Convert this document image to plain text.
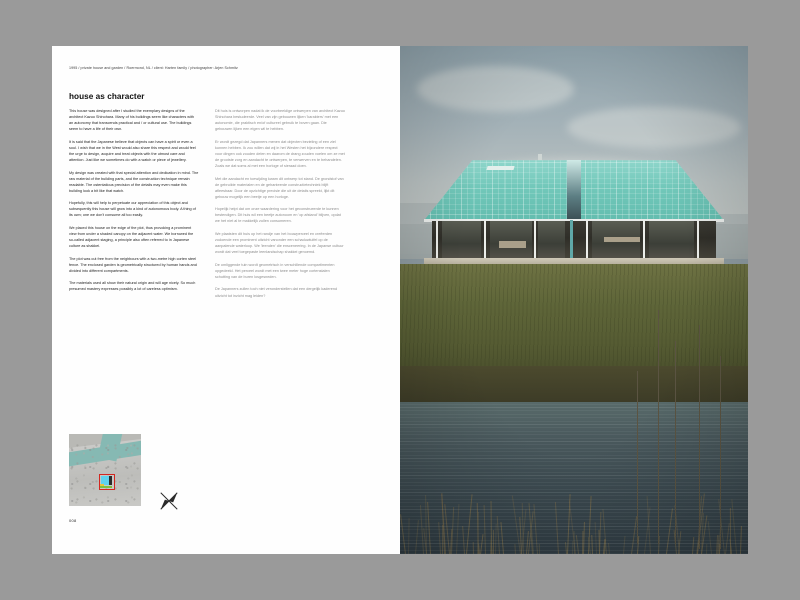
1995 / private house and garden / Roermond, NL / client: Harten family / photographer: Arjen Schmitz
house as character

This house was designed after I studied the exemplary designs of the architect Kazuo Shinohara. Many of his buildings seem like characters with an autonomy that transcends practical and / or cultural use. The buildings seem to have a life of their own.

It is said that the Japanese believe that objects can have a spirit or even a soul. I wish that we in the West would also share this respect and would feel the urge to design, acquire and treat objects with the utmost care and attention. Just like we sometimes do with a watch or piece of jewellery.

My design was created with that special attention and dedication in mind. The raw material of the building parts, and the construction technique remain readable. The ostentatious precision of the details may even make this building look a bit like that watch.

Hopefully, this will help to perpetuate our appreciation of this object and subsequently this house will grow into a kind of autonomous body. A thing of its own; one we don't consume all too easily.

We placed this house on the edge of the plot, thus provoking a prominent view from under a shaded canopy on the adjacent water. We borrowed the so-called adjacent staging, a principle also often referred to in Japanese culture as shakkei.

The plot was cut free from the neighbours with a two-metre high corten steel fence. The enclosed garden is geometrically structured by human hands and divided into different compartments.

The materials used all show their natural origin and will age nicely. So much presumed mastery expresses possibly a lot of careless optimism.

Dit huis is ontworpen nadat ik de voorbeeldige ontwerpen van architect Kazuo Shinohara bestudeerde. Veel van zijn gebouwen lijken 'karakters' met een autonomie, die praktisch en/of cultureel gebruik te boven gaan. Die gebouwen lijken een eigen wil te hebben.

Er wordt gezegd dat Japanners menen dat objecten bezieling of een ziel kunnen hebben. Ik zou willen dat wij in het Westen het bijzondere respect voor dingen ook zouden delen en daarom de drang zouden voelen om ze met de grootste zorg en aandacht te ontwerpen, te verwerven en te behandelen. Zoals we dat soms al met een horloge of sieraad doen.

Met die aandacht en toewijding kwam dit ontwerp tot stand. De grondstof van de gebruikte materialen en de gehanteerde constructietechniek blijft afleesbaar. Door de opzichtige precisie die uit de details spreekt, lijkt dit gebouw mogelijk een beetje op een horloge.

Hopelijk helpt dat om onze waardering voor het geconstrueerde te kunnen bestendigen. Dit huis wil een beetje autonoom en 'op afstand' blijven, opdat we het niet al te makkelijk zullen consumeren.

We plaatsten dit huis op het randje van het bouwperceel en creëerden zodoende een prominent uitzicht vanonder een schaduwluifel op de aanpalende waterloop. We 'leenden' die ensceneering. In de Japanse cultuur wordt dat veel toegepaste leenlandschap shakkei genoemd.

De omliggende tuin wordt geometrisch in verschillende compartimenten opgedeeld. Het perceel wordt met een twee meter hoge cortenstalen schutting van de buren losgesneden.

De Japanners zullen toch niet veronderstellen dat een dergelijk kaderend uitzicht tot inzicht mag leiden?

008
